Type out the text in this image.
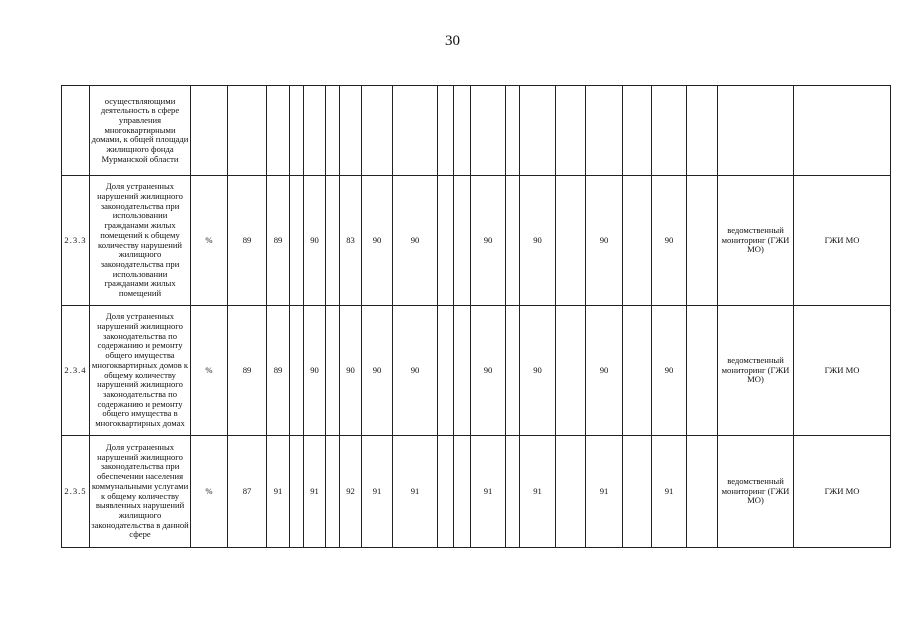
30
	осуществляющими деятельность в сфере управления многоквартирными домами, к общей площади жилищного фонда Мурманской области																					
2.3.3	Доля устраненных нарушений жилищного законодательства при использовании гражданами жилых помещений к общему количеству нарушений жилищного законодательства при использовании гражданами жилых помещений	%	89	89		90		83	90	90			90		90		90		90		ведомственный мониторинг (ГЖИ МО)	ГЖИ МО
2.3.4	Доля устраненных нарушений жилищного законодательства по содержанию и ремонту общего имущества многоквартирных домов к общему количеству нарушений жилищного законодательства по содержанию и ремонту общего имущества в многоквартирных домах	%	89	89		90		90	90	90			90		90		90		90		ведомственный мониторинг (ГЖИ МО)	ГЖИ МО
2.3.5	Доля устраненных нарушений жилищного законодательства при обеспечении населения коммунальными услугами к общему количеству выявленных нарушений жилищного законодательства в данной сфере	%	87	91		91		92	91	91			91		91		91		91		ведомственный мониторинг (ГЖИ МО)	ГЖИ МО
